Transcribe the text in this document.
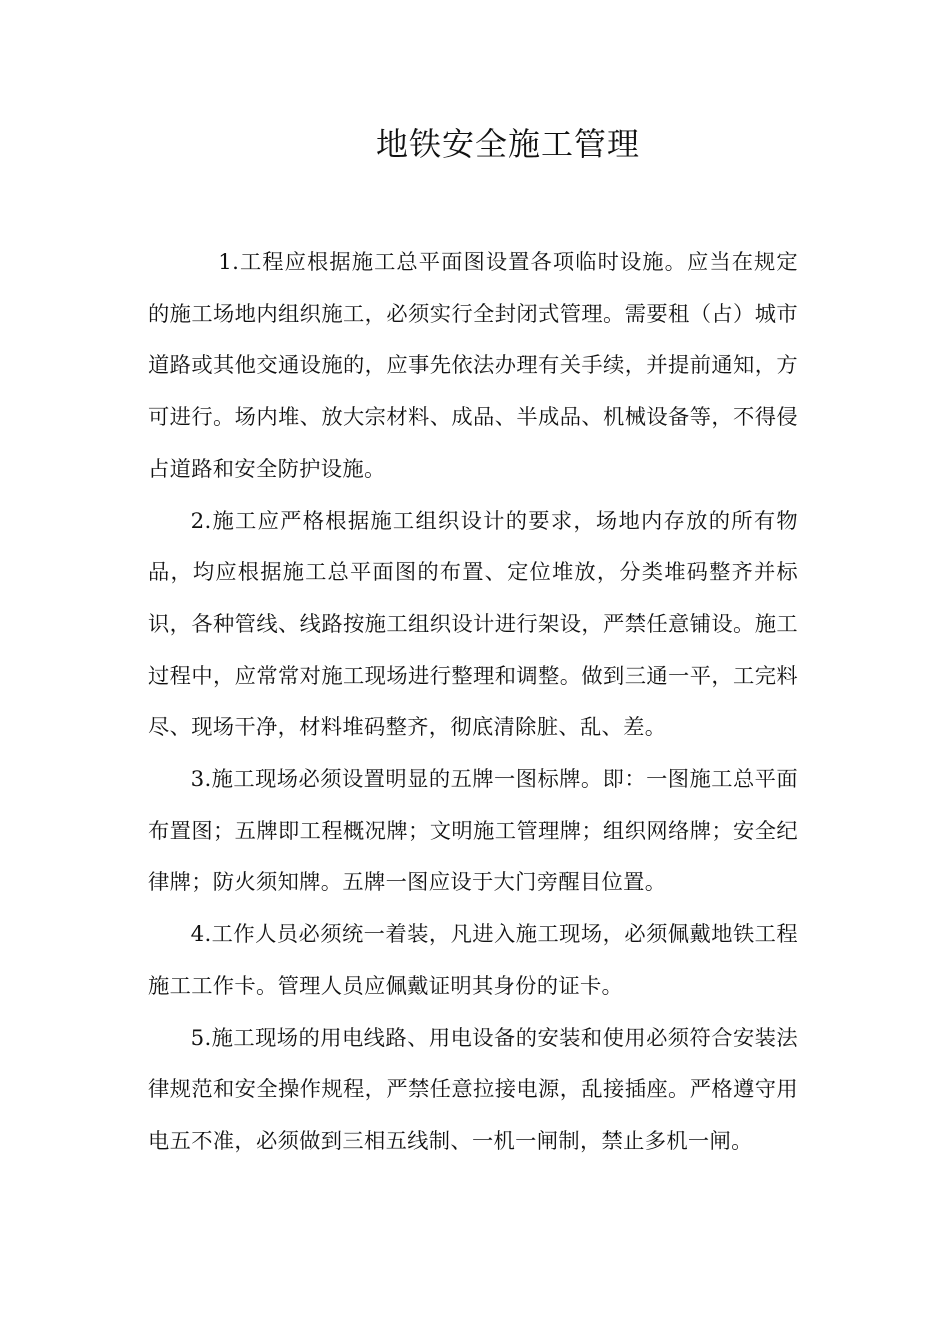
地铁安全施工管理

1.工程应根据施工总平面图设置各项临时设施。应当在规定的施工场地内组织施工，必须实行全封闭式管理。需要租（占）城市道路或其他交通设施的，应事先依法办理有关手续，并提前通知，方可进行。场内堆、放大宗材料、成品、半成品、机械设备等，不得侵占道路和安全防护设施。

2.施工应严格根据施工组织设计的要求，场地内存放的所有物品，均应根据施工总平面图的布置、定位堆放，分类堆码整齐并标识，各种管线、线路按施工组织设计进行架设，严禁任意铺设。施工过程中，应常常对施工现场进行整理和调整。做到三通一平，工完料尽、现场干净，材料堆码整齐，彻底清除脏、乱、差。

3.施工现场必须设置明显的五牌一图标牌。即：一图施工总平面布置图；五牌即工程概况牌；文明施工管理牌；组织网络牌；安全纪律牌；防火须知牌。五牌一图应设于大门旁醒目位置。

4.工作人员必须统一着装，凡进入施工现场，必须佩戴地铁工程施工工作卡。管理人员应佩戴证明其身份的证卡。

5.施工现场的用电线路、用电设备的安装和使用必须符合安装法律规范和安全操作规程，严禁任意拉接电源，乱接插座。严格遵守用电五不准，必须做到三相五线制、一机一闸制，禁止多机一闸。
